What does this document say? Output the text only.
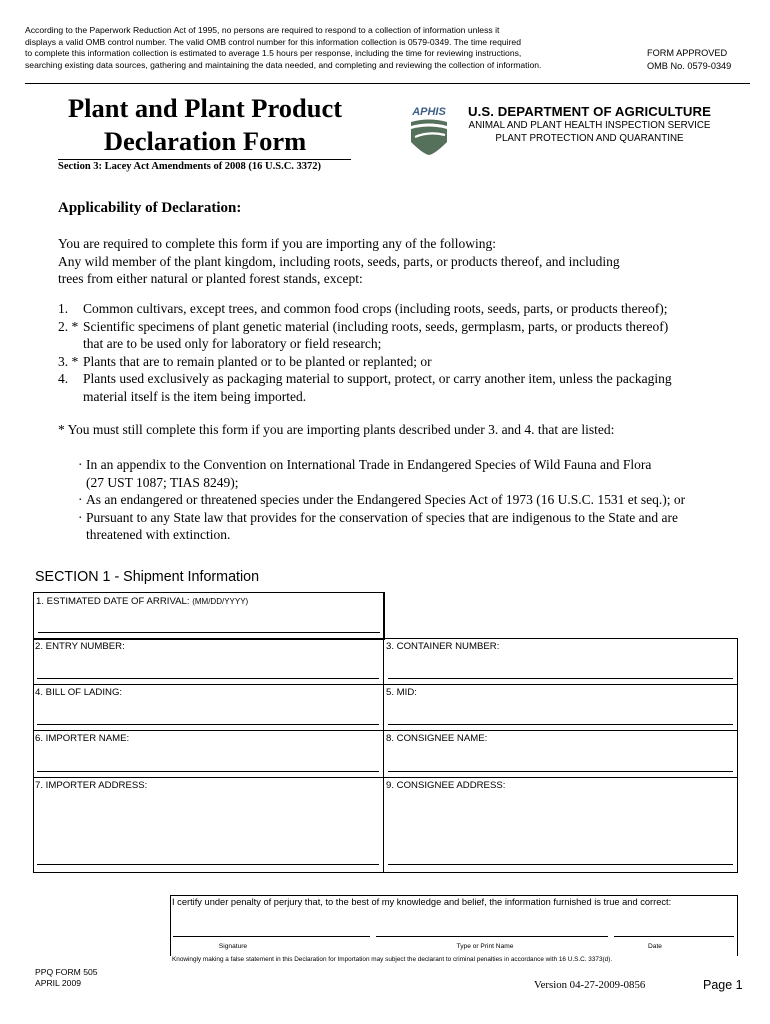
According to the Paperwork Reduction Act of 1995, no persons are required to respond to a collection of information unless it
displays a valid OMB control number. The valid OMB control number for this information collection is 0579-0349. The time required
to complete this information collection is estimated to average 1.5 hours per response, including the time for reviewing instructions,
searching existing data sources, gathering and maintaining the data needed, and completing and reviewing the collection of information.
FORM APPROVED
OMB No. 0579-0349
Plant and Plant Product
Declaration Form
Section 3: Lacey Act Amendments of 2008 (16 U.S.C. 3372)
APHIS U.S. DEPARTMENT OF AGRICULTURE
ANIMAL AND PLANT HEALTH INSPECTION SERVICE
PLANT PROTECTION AND QUARANTINE
Applicability of Declaration:
You are required to complete this form if you are importing any of the following:
Any wild member of the plant kingdom, including roots, seeds, parts, or products thereof, and including
trees from either natural or planted forest stands, except:
1. Common cultivars, except trees, and common food crops (including roots, seeds, parts, or products thereof);
2. * Scientific specimens of plant genetic material (including roots, seeds, germplasm, parts, or products thereof)
that are to be used only for laboratory or field research;
3. * Plants that are to remain planted or to be planted or replanted; or
4. Plants used exclusively as packaging material to support, protect, or carry another item, unless the packaging
material itself is the item being imported.
* You must still complete this form if you are importing plants described under 3. and 4. that are listed:
· In an appendix to the Convention on International Trade in Endangered Species of Wild Fauna and Flora
(27 UST 1087; TIAS 8249);
· As an endangered or threatened species under the Endangered Species Act of 1973 (16 U.S.C. 1531 et seq.); or
· Pursuant to any State law that provides for the conservation of species that are indigenous to the State and are
threatened with extinction.
SECTION 1 - Shipment Information
1. ESTIMATED DATE OF ARRIVAL: (MM/DD/YYYY)
2. ENTRY NUMBER:	3. CONTAINER NUMBER:
4. BILL OF LADING:	5. MID:
6. IMPORTER NAME:	8. CONSIGNEE NAME:
7. IMPORTER ADDRESS:	9. CONSIGNEE ADDRESS:
I certify under penalty of perjury that, to the best of my knowledge and belief, the information furnished is true and correct:
Signature	Type or Print Name	Date
Knowingly making a false statement in this Declaration for Importation may subject the declarant to criminal penalties in accordance with 16 U.S.C. 3373(d).
PPQ FORM 505
APRIL 2009	Version 04-27-2009-0856	Page 1
